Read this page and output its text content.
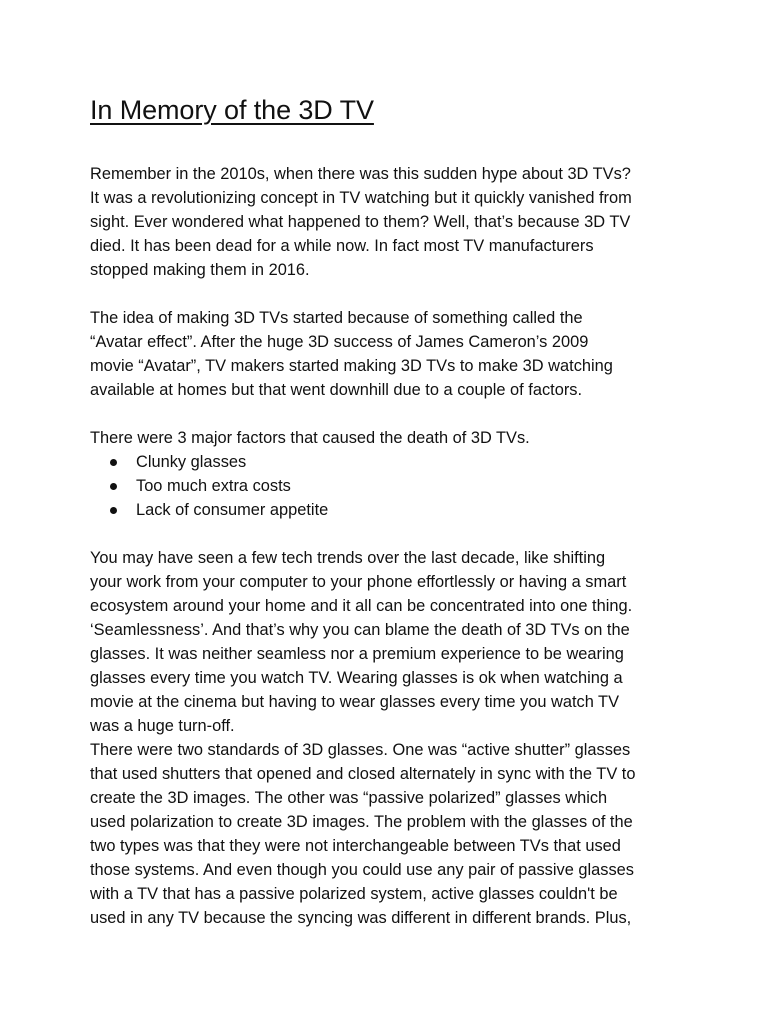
In Memory of the 3D TV

Remember in the 2010s, when there was this sudden hype about 3D TVs?
It was a revolutionizing concept in TV watching but it quickly vanished from
sight. Ever wondered what happened to them? Well, that’s because 3D TV
died. It has been dead for a while now. In fact most TV manufacturers
stopped making them in 2016.

The idea of making 3D TVs started because of something called the
“Avatar effect”. After the huge 3D success of James Cameron’s 2009
movie “Avatar”, TV makers started making 3D TVs to make 3D watching
available at homes but that went downhill due to a couple of factors.

There were 3 major factors that caused the death of 3D TVs.

Clunky glasses
Too much extra costs
Lack of consumer appetite

You may have seen a few tech trends over the last decade, like shifting
your work from your computer to your phone effortlessly or having a smart
ecosystem around your home and it all can be concentrated into one thing.
‘Seamlessness’. And that’s why you can blame the death of 3D TVs on the
glasses. It was neither seamless nor a premium experience to be wearing
glasses every time you watch TV. Wearing glasses is ok when watching a
movie at the cinema but having to wear glasses every time you watch TV
was a huge turn-off.

There were two standards of 3D glasses. One was “active shutter” glasses
that used shutters that opened and closed alternately in sync with the TV to
create the 3D images. The other was “passive polarized” glasses which
used polarization to create 3D images. The problem with the glasses of the
two types was that they were not interchangeable between TVs that used
those systems. And even though you could use any pair of passive glasses
with a TV that has a passive polarized system, active glasses couldn't be
used in any TV because the syncing was different in different brands. Plus,
